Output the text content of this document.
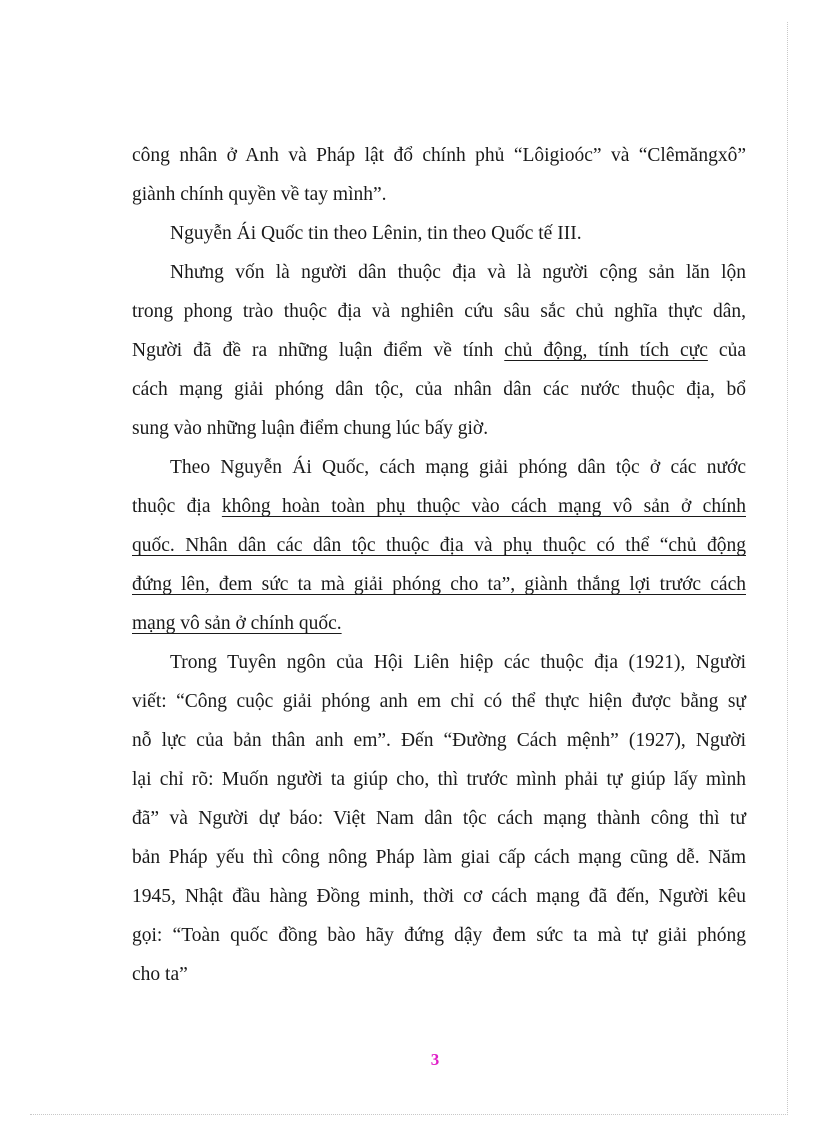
công nhân ở Anh và Pháp lật đổ chính phủ “Lôigioóc” và “Clêmăngxô”
giành chính quyền về tay mình”.
Nguyễn Ái Quốc tin theo Lênin, tin theo Quốc tế III.
Nhưng vốn là người dân thuộc địa và là người cộng sản lăn lộn
trong phong trào thuộc địa và nghiên cứu sâu sắc chủ nghĩa thực dân,
Người đã đề ra những luận điểm về tính chủ động, tính tích cực của
cách mạng giải phóng dân tộc, của nhân dân các nước thuộc địa, bổ
sung vào những luận điểm chung lúc bấy giờ.
Theo Nguyễn Ái Quốc, cách mạng giải phóng dân tộc ở các nước
thuộc địa không hoàn toàn phụ thuộc vào cách mạng vô sản ở chính
quốc. Nhân dân các dân tộc thuộc địa và phụ thuộc có thể “chủ động
đứng lên, đem sức ta mà giải phóng cho ta”, giành thắng lợi trước cách
mạng vô sản ở chính quốc.
Trong Tuyên ngôn của Hội Liên hiệp các thuộc địa (1921), Người
viết: “Công cuộc giải phóng anh em chỉ có thể thực hiện được bằng sự
nỗ lực của bản thân anh em”. Đến “Đường Cách mệnh” (1927), Người
lại chỉ rõ: Muốn người ta giúp cho, thì trước mình phải tự giúp lấy mình
đã” và Người dự báo: Việt Nam dân tộc cách mạng thành công thì tư
bản Pháp yếu thì công nông Pháp làm giai cấp cách mạng cũng dễ. Năm
1945, Nhật đầu hàng Đồng minh, thời cơ cách mạng đã đến, Người kêu
gọi: “Toàn quốc đồng bào hãy đứng dậy đem sức ta mà tự giải phóng
cho ta”
3
